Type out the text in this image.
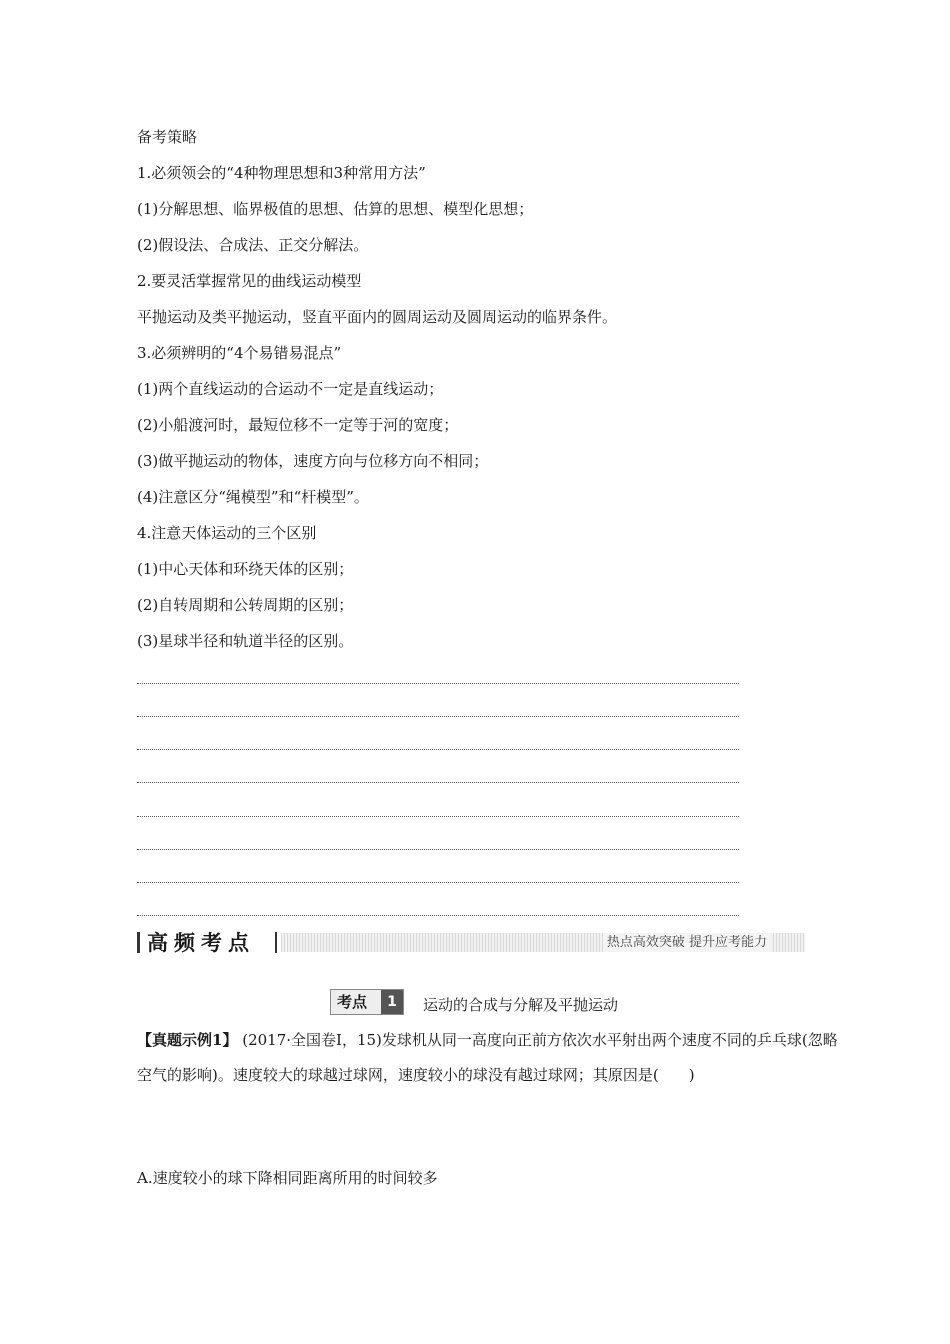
备考策略
1.必须领会的“4种物理思想和3种常用方法”
(1)分解思想、临界极值的思想、估算的思想、模型化思想；
(2)假设法、合成法、正交分解法。
2.要灵活掌握常见的曲线运动模型
平抛运动及类平抛运动，竖直平面内的圆周运动及圆周运动的临界条件。
3.必须辨明的“4个易错易混点”
(1)两个直线运动的合运动不一定是直线运动；
(2)小船渡河时，最短位移不一定等于河的宽度；
(3)做平抛运动的物体，速度方向与位移方向不相同；
(4)注意区分“绳模型”和“杆模型”。
4.注意天体运动的三个区别
(1)中心天体和环绕天体的区别；
(2)自转周期和公转周期的区别；
(3)星球半径和轨道半径的区别。
高频考点	热点高效突破 提升应考能力
考点	1	运动的合成与分解及平抛运动
【真题示例1】 (2017·全国卷Ⅰ，15)发球机从同一高度向正前方依次水平射出两个速度不同的乒乓球(忽略空气的影响)。速度较大的球越过球网，速度较小的球没有越过球网；其原因是(　　)
A.速度较小的球下降相同距离所用的时间较多
